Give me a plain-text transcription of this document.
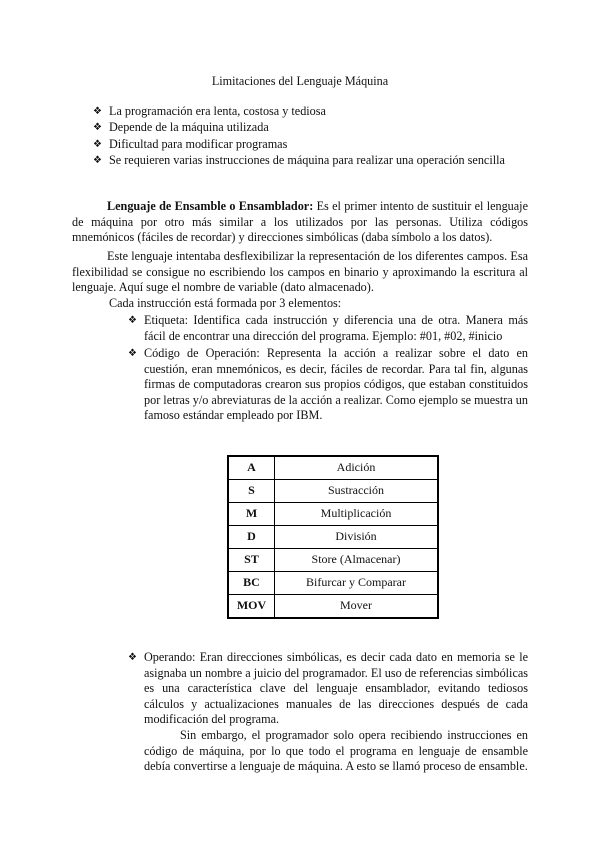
Limitaciones del Lenguaje Máquina
❖ La programación era lenta, costosa y tediosa
❖ Depende de la máquina utilizada
❖ Dificultad para modificar programas
❖ Se requieren varias instrucciones de máquina para realizar una operación sencilla

Lenguaje de Ensamble o Ensamblador: Es el primer intento de sustituir el lenguaje de máquina por otro más similar a los utilizados por las personas. Utiliza códigos mnemónicos (fáciles de recordar) y direcciones simbólicas (daba símbolo a los datos).

Este lenguaje intentaba desflexibilizar la representación de los diferentes campos. Esa flexibilidad se consigue no escribiendo los campos en binario y aproximando la escritura al lenguaje. Aquí suge el nombre de variable (dato almacenado).

Cada instrucción está formada por 3 elementos:
❖ Etiqueta: Identifica cada instrucción y diferencia una de otra. Manera más fácil de encontrar una dirección del programa. Ejemplo: #01, #02, #inicio
❖ Código de Operación: Representa la acción a realizar sobre el dato en cuestión, eran mnemónicos, es decir, fáciles de recordar. Para tal fin, algunas firmas de computadoras crearon sus propios códigos, que estaban constituidos por letras y/o abreviaturas de la acción a realizar. Como ejemplo se muestra un famoso estándar empleado por IBM.
A	Adición
S	Sustracción
M	Multiplicación
D	División
ST	Store (Almacenar)
BC	Bifurcar y Comparar
MOV	Mover
❖ Operando: Eran direcciones simbólicas, es decir cada dato en memoria se le asignaba un nombre a juicio del programador. El uso de referencias simbólicas es una característica clave del lenguaje ensamblador, evitando tediosos cálculos y actualizaciones manuales de las direcciones después de cada modificación del programa.
Sin embargo, el programador solo opera recibiendo instrucciones en código de máquina, por lo que todo el programa en lenguaje de ensamble debía convertirse a lenguaje de máquina. A esto se llamó proceso de ensamble.
